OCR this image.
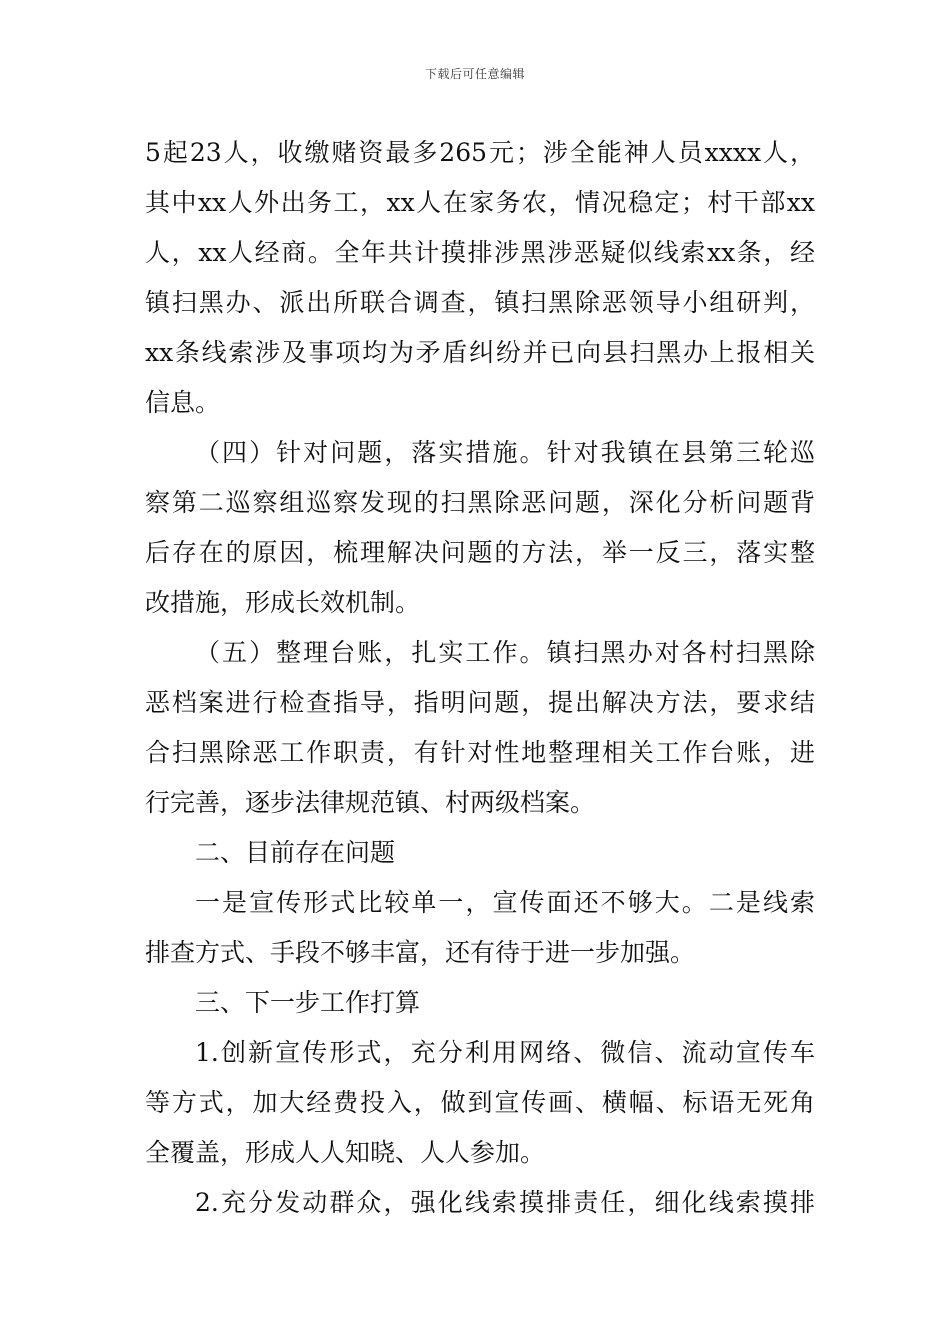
下载后可任意编辑
5起23人，收缴赌资最多265元；涉全能神人员xxxx人，
其中xx人外出务工，xx人在家务农，情况稳定；村干部xx
人，xx人经商。全年共计摸排涉黑涉恶疑似线索xx条，经
镇扫黑办、派出所联合调查，镇扫黑除恶领导小组研判，
xx条线索涉及事项均为矛盾纠纷并已向县扫黑办上报相关
信息。
（四）针对问题，落实措施。针对我镇在县第三轮巡
察第二巡察组巡察发现的扫黑除恶问题，深化分析问题背
后存在的原因，梳理解决问题的方法，举一反三，落实整
改措施，形成长效机制。
（五）整理台账，扎实工作。镇扫黑办对各村扫黑除
恶档案进行检查指导，指明问题，提出解决方法，要求结
合扫黑除恶工作职责，有针对性地整理相关工作台账，进
行完善，逐步法律规范镇、村两级档案。
二、目前存在问题
一是宣传形式比较单一，宣传面还不够大。二是线索
排查方式、手段不够丰富，还有待于进一步加强。
三、下一步工作打算
1.创新宣传形式，充分利用网络、微信、流动宣传车
等方式，加大经费投入，做到宣传画、横幅、标语无死角
全覆盖，形成人人知晓、人人参加。
2.充分发动群众，强化线索摸排责任，细化线索摸排
